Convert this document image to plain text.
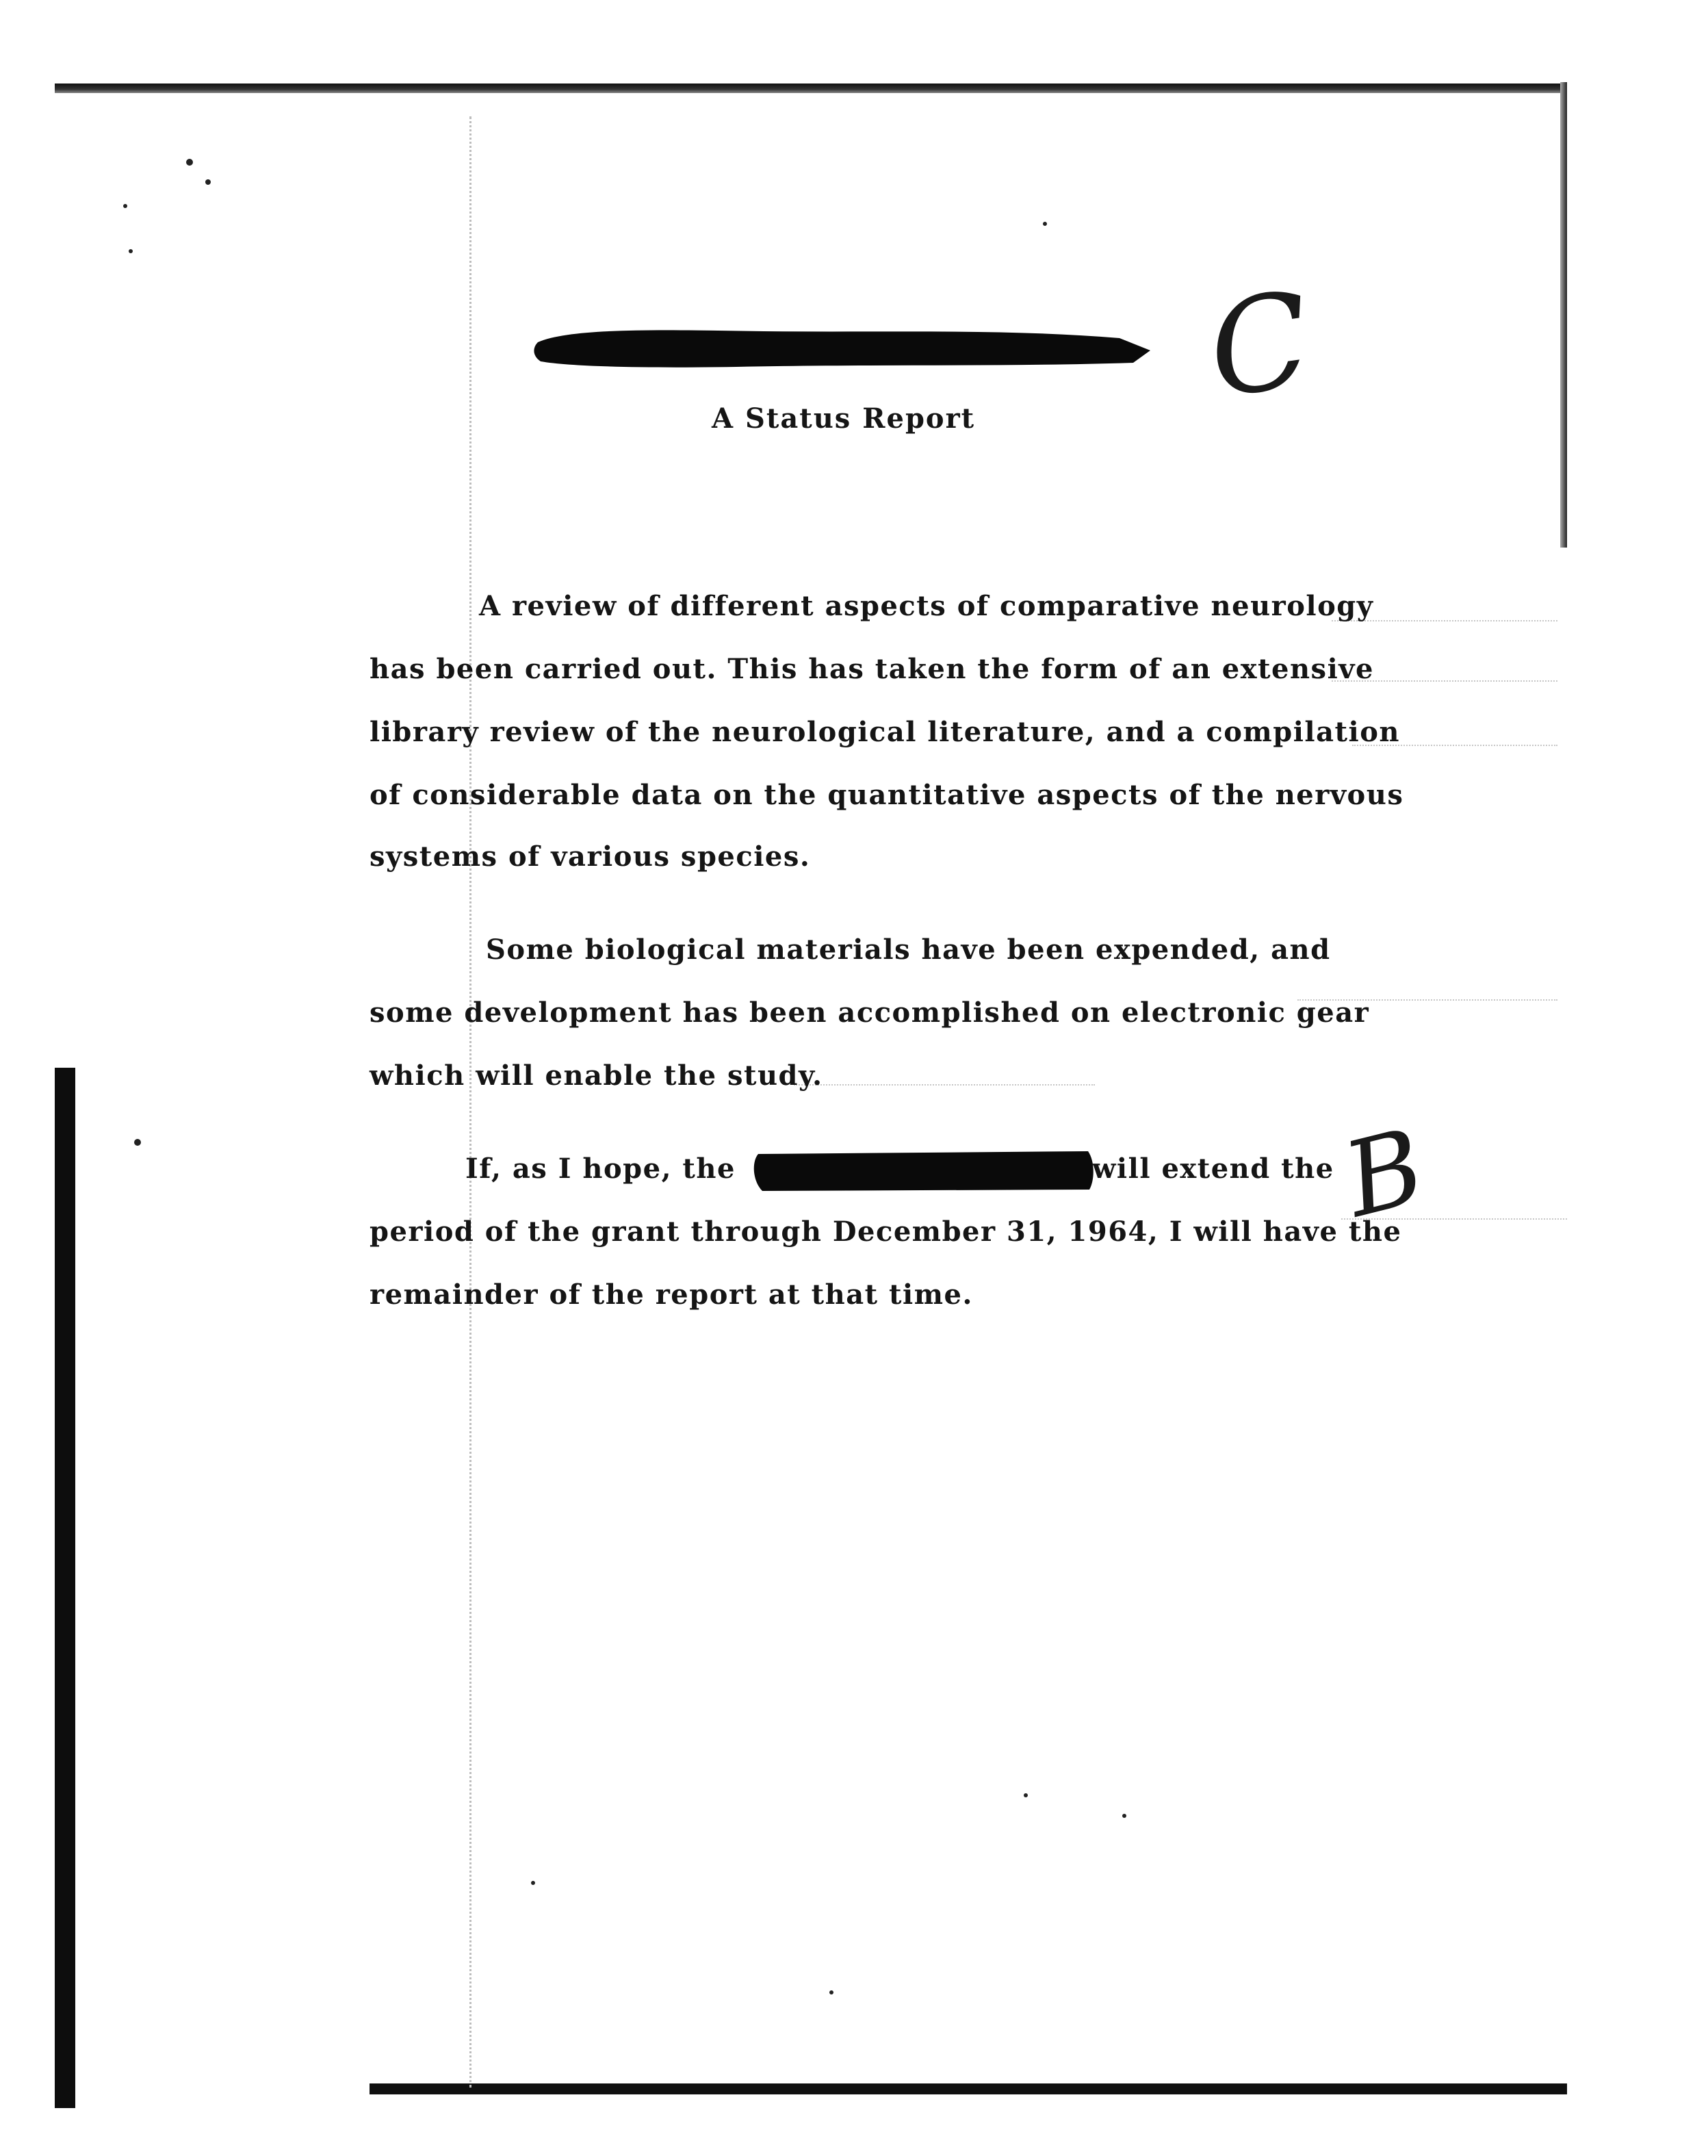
C
A Status Report
A review of different aspects of comparative neurology
has been carried out. This has taken the form of an extensive
library review of the neurological literature, and a compilation
of considerable data on the quantitative aspects of the nervous
systems of various species.
Some biological materials have been expended, and
some development has been accomplished on electronic gear
which will enable the study.
If, as I hope, the	will extend the
B
period of the grant through December 31, 1964, I will have the
remainder of the report at that time.
